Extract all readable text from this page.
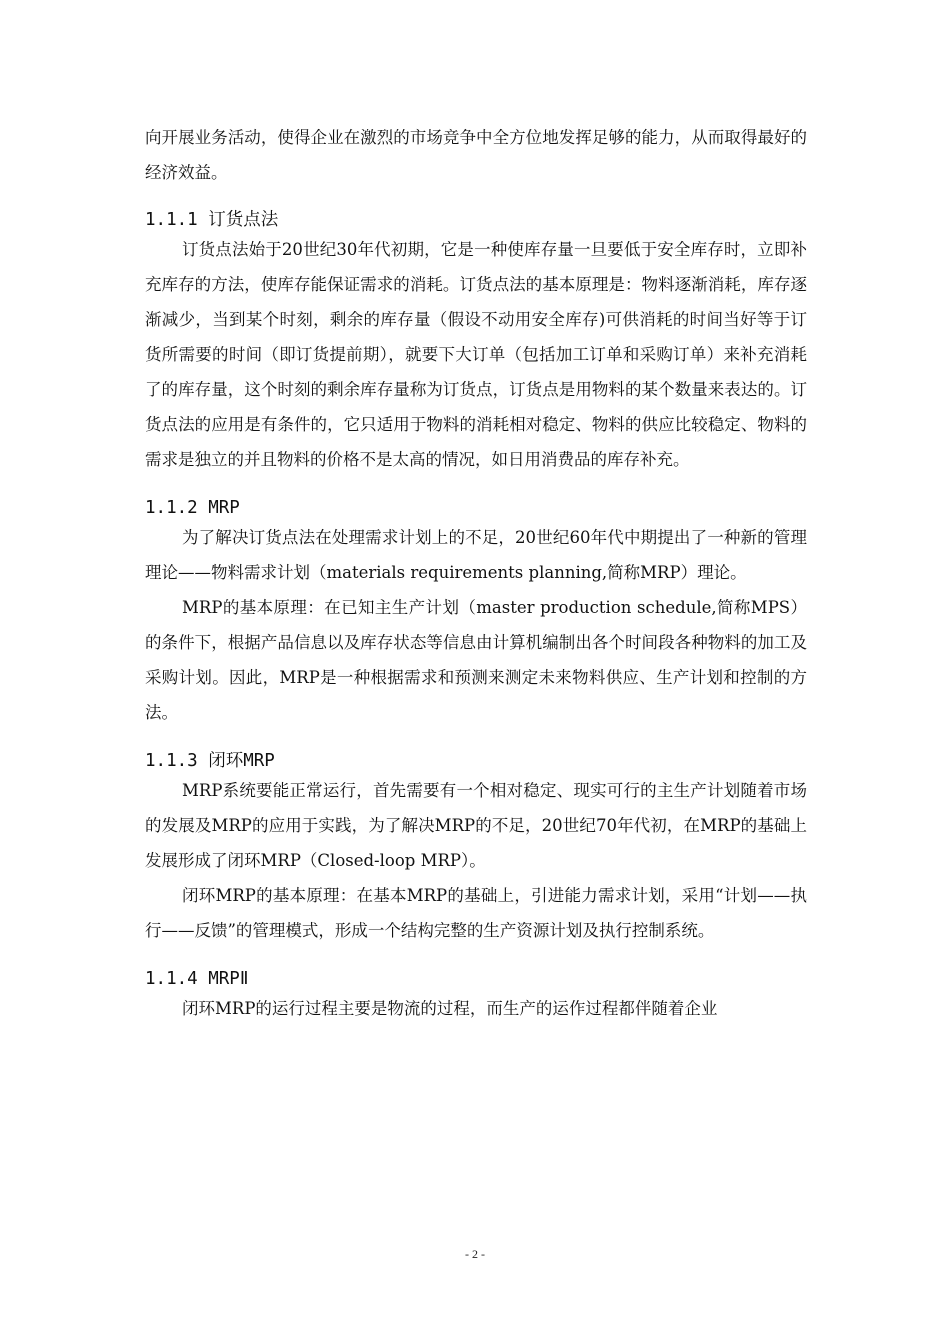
向开展业务活动，使得企业在激烈的市场竞争中全方位地发挥足够的能力，从而取得最好的经济效益。

1.1.1 订货点法

订货点法始于20世纪30年代初期，它是一种使库存量一旦要低于安全库存时，立即补充库存的方法，使库存能保证需求的消耗。订货点法的基本原理是：物料逐渐消耗，库存逐渐减少，当到某个时刻，剩余的库存量（假设不动用安全库存)可供消耗的时间当好等于订货所需要的时间（即订货提前期），就要下大订单（包括加工订单和采购订单）来补充消耗了的库存量，这个时刻的剩余库存量称为订货点，订货点是用物料的某个数量来表达的。订货点法的应用是有条件的，它只适用于物料的消耗相对稳定、物料的供应比较稳定、物料的需求是独立的并且物料的价格不是太高的情况，如日用消费品的库存补充。

1.1.2 MRP

为了解决订货点法在处理需求计划上的不足，20世纪60年代中期提出了一种新的管理理论——物料需求计划（materials requirements planning,简称MRP）理论。

MRP的基本原理：在已知主生产计划（master production schedule,简称MPS）的条件下，根据产品信息以及库存状态等信息由计算机编制出各个时间段各种物料的加工及采购计划。因此，MRP是一种根据需求和预测来测定未来物料供应、生产计划和控制的方法。

1.1.3 闭环MRP

MRP系统要能正常运行，首先需要有一个相对稳定、现实可行的主生产计划随着市场的发展及MRP的应用于实践，为了解决MRP的不足，20世纪70年代初，在MRP的基础上发展形成了闭环MRP（Closed-loop MRP）。

闭环MRP的基本原理：在基本MRP的基础上，引进能力需求计划，采用“计划——执行——反馈”的管理模式，形成一个结构完整的生产资源计划及执行控制系统。

1.1.4 MRPⅡ

闭环MRP的运行过程主要是物流的过程，而生产的运作过程都伴随着企业

- 2 -
